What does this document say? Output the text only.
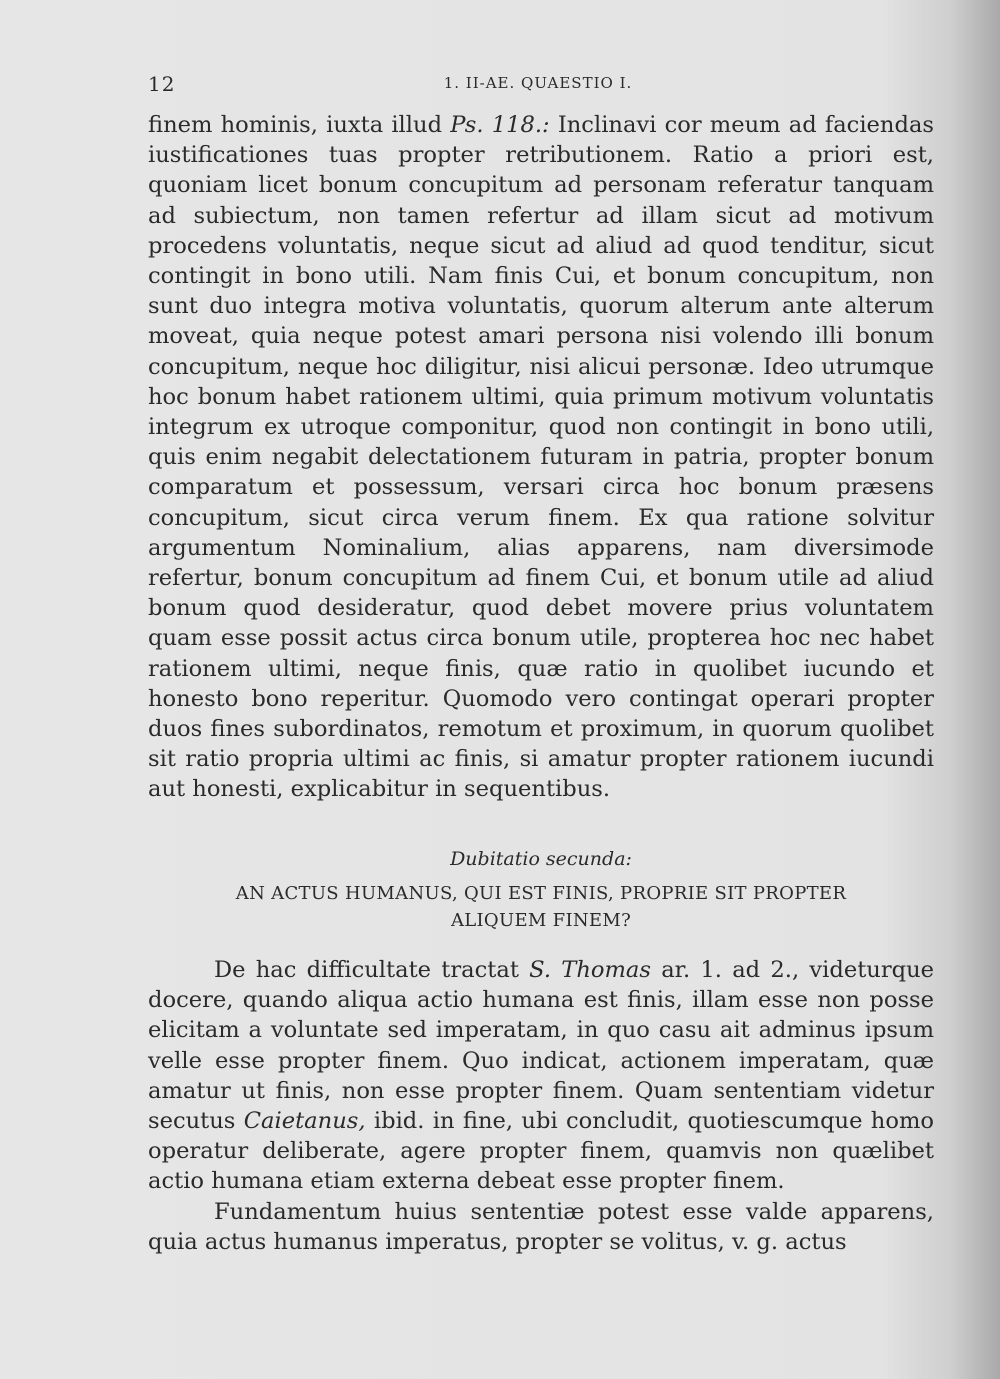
12	1. II-AE. QUAESTIO I.

finem hominis, iuxta illud Ps. 118.: Inclinavi cor meum ad faciendas iustificationes tuas propter retributionem. Ratio a priori est, quoniam licet bonum concupitum ad personam referatur tanquam ad subiectum, non tamen refertur ad illam sicut ad motivum procedens voluntatis, neque sicut ad aliud ad quod tenditur, sicut contingit in bono utili. Nam finis Cui, et bonum concupitum, non sunt duo integra motiva voluntatis, quorum alterum ante alterum moveat, quia neque potest amari persona nisi volendo illi bonum concupitum, neque hoc diligitur, nisi alicui personæ. Ideo utrumque hoc bonum habet rationem ultimi, quia primum motivum voluntatis integrum ex utroque componitur, quod non contingit in bono utili, quis enim negabit delectationem futuram in patria, propter bonum comparatum et possessum, versari circa hoc bonum præsens concupitum, sicut circa verum finem. Ex qua ratione solvitur argumentum Nominalium, alias apparens, nam diversimode refertur, bonum concupitum ad finem Cui, et bonum utile ad aliud bonum quod desideratur, quod debet movere prius voluntatem quam esse possit actus circa bonum utile, propterea hoc nec habet rationem ultimi, neque finis, quæ ratio in quolibet iucundo et honesto bono reperitur. Quomodo vero contingat operari propter duos fines subordinatos, remotum et proximum, in quorum quolibet sit ratio propria ultimi ac finis, si amatur propter rationem iucundi aut honesti, explicabitur in sequentibus.

Dubitatio secunda:
AN ACTUS HUMANUS, QUI EST FINIS, PROPRIE SIT PROPTER
ALIQUEM FINEM?

De hac difficultate tractat S. Thomas ar. 1. ad 2., videturque docere, quando aliqua actio humana est finis, illam esse non posse elicitam a voluntate sed imperatam, in quo casu ait adminus ipsum velle esse propter finem. Quo indicat, actionem imperatam, quæ amatur ut finis, non esse propter finem. Quam sententiam videtur secutus Caietanus, ibid. in fine, ubi concludit, quotiescumque homo operatur deliberate, agere propter finem, quamvis non quælibet actio humana etiam externa debeat esse propter finem.

Fundamentum huius sententiæ potest esse valde apparens, quia actus humanus imperatus, propter se volitus, v. g. actus
